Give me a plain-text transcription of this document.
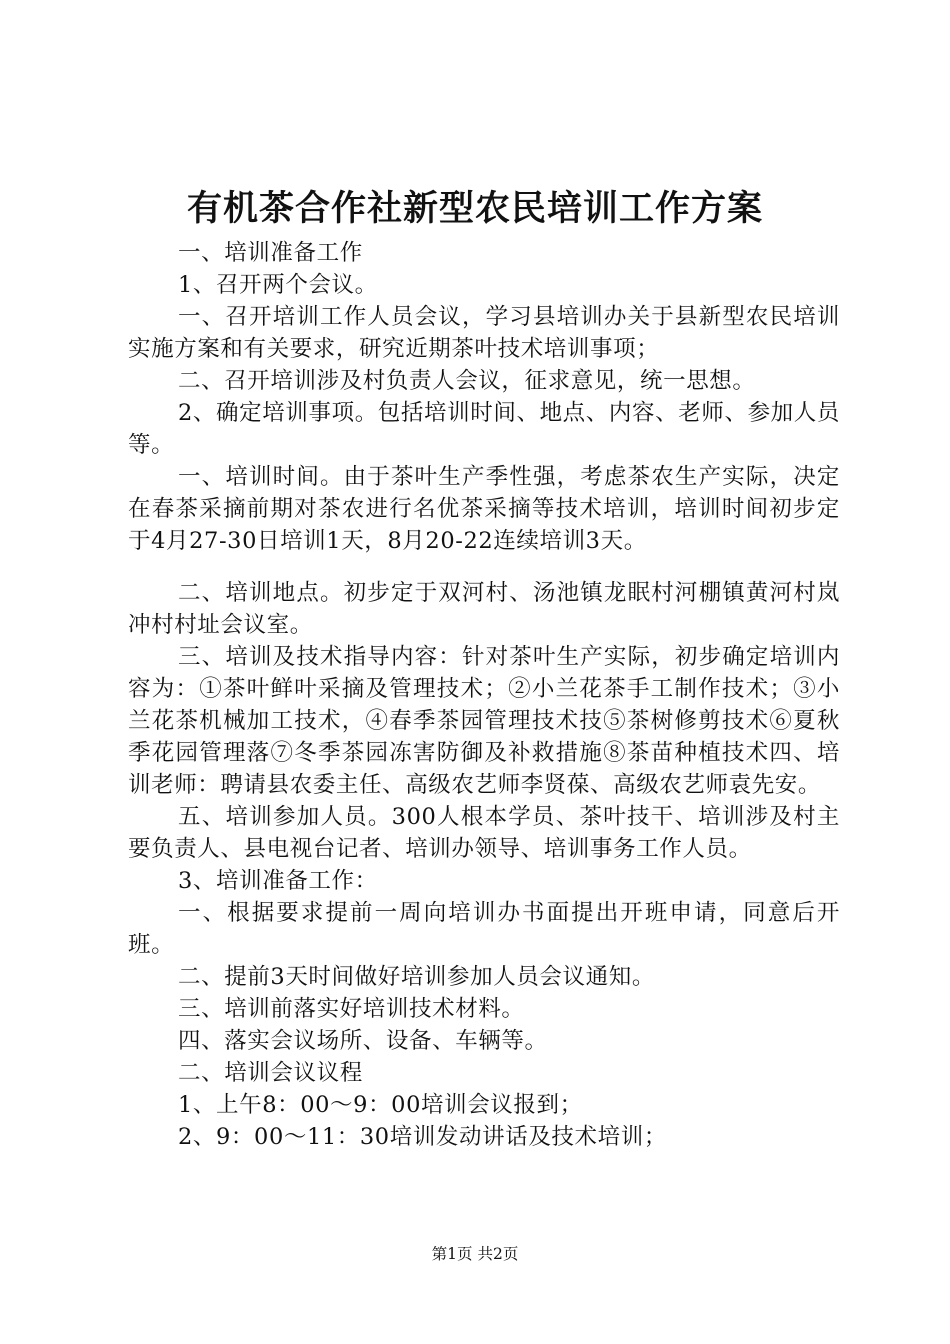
有机茶合作社新型农民培训工作方案

一、培训准备工作

1、召开两个会议。

一、召开培训工作人员会议，学习县培训办关于县新型农民培训实施方案和有关要求，研究近期茶叶技术培训事项；

二、召开培训涉及村负责人会议，征求意见，统一思想。

2、确定培训事项。包括培训时间、地点、内容、老师、参加人员等。

一、培训时间。由于茶叶生产季性强，考虑茶农生产实际，决定在春茶采摘前期对茶农进行名优茶采摘等技术培训，培训时间初步定于4月27-30日培训1天，8月20-22连续培训3天。

二、培训地点。初步定于双河村、汤池镇龙眠村河棚镇黄河村岚冲村村址会议室。

三、培训及技术指导内容：针对茶叶生产实际，初步确定培训内容为：①茶叶鲜叶采摘及管理技术；②小兰花茶手工制作技术；③小兰花茶机械加工技术，④春季茶园管理技术技⑤茶树修剪技术⑥夏秋季花园管理落⑦冬季茶园冻害防御及补救措施⑧茶苗种植技术四、培训老师：聘请县农委主任、高级农艺师李贤葆、高级农艺师袁先安。

五、培训参加人员。300人根本学员、茶叶技干、培训涉及村主要负责人、县电视台记者、培训办领导、培训事务工作人员。

3、培训准备工作：

一、根据要求提前一周向培训办书面提出开班申请，同意后开班。

二、提前3天时间做好培训参加人员会议通知。

三、培训前落实好培训技术材料。

四、落实会议场所、设备、车辆等。

二、培训会议议程

1、上午8：00～9：00培训会议报到；

2、9：00～11：30培训发动讲话及技术培训；

第1页 共2页
